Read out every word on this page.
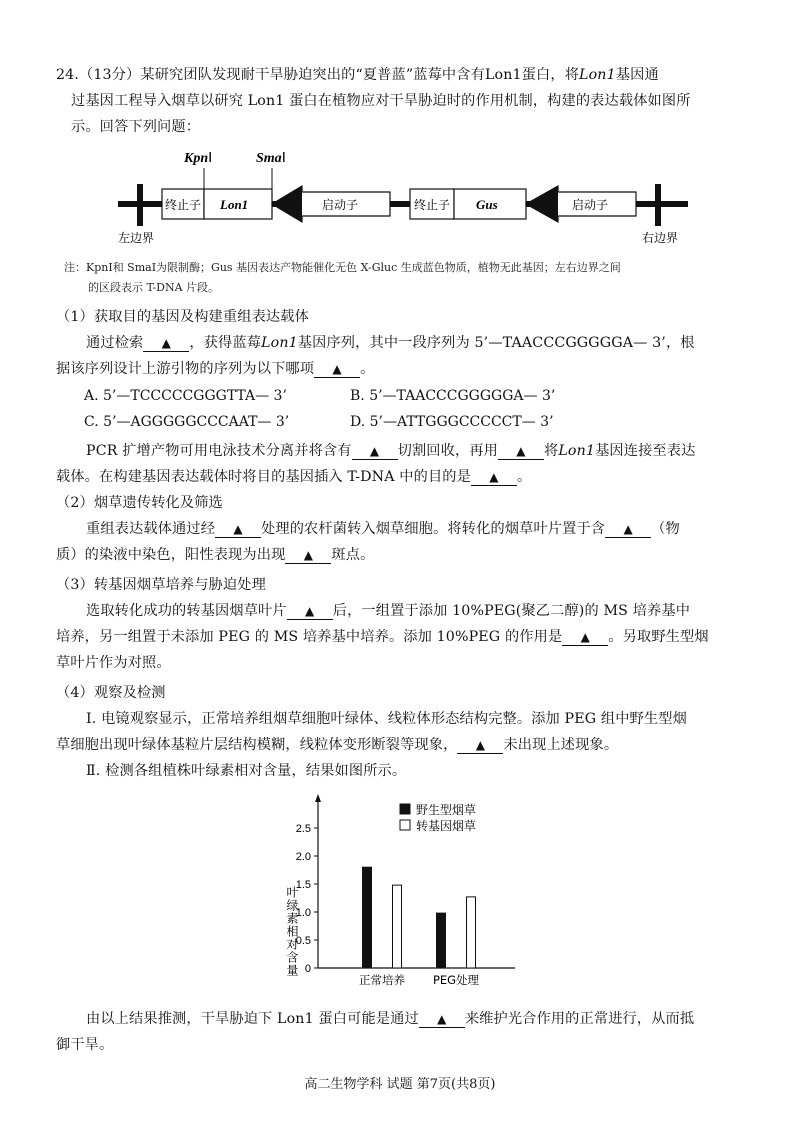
24.（13分）某研究团队发现耐干旱胁迫突出的“夏普蓝”蓝莓中含有Lon1蛋白，将Lon1基因通
过基因工程导入烟草以研究 Lon1 蛋白在植物应对干旱胁迫时的作用机制，构建的表达载体如图所
示。回答下列问题：
KpnⅠ	SmaⅠ
终止子 Lon1	启动子	终止子 Gus	启动子
左边界	右边界
注：KpnⅠ和 SmaⅠ为限制酶；Gus 基因表达产物能催化无色 X-Gluc 生成蓝色物质，植物无此基因；左右边界之间
的区段表示 T-DNA 片段。
（1）获取目的基因及构建重组表达载体
通过检索 ▲ ，获得蓝莓Lon1基因序列，其中一段序列为 5’—TAACCCGGGGGA— 3’，根
据该序列设计上游引物的序列为以下哪项 ▲ 。
A. 5’—TCCCCCGGGTTA— 3’	B. 5’—TAACCCGGGGGA— 3’
C. 5’—AGGGGGCCCAAT— 3’	D. 5’—ATTGGGCCCCCT— 3’
PCR 扩增产物可用电泳技术分离并将含有 ▲ 切割回收，再用 ▲ 将Lon1基因连接至表达
载体。在构建基因表达载体时将目的基因插入 T-DNA 中的目的是 ▲ 。
（2）烟草遗传转化及筛选
重组表达载体通过经 ▲ 处理的农杆菌转入烟草细胞。将转化的烟草叶片置于含 ▲ （物
质）的染液中染色，阳性表现为出现 ▲ 斑点。
（3）转基因烟草培养与胁迫处理
选取转化成功的转基因烟草叶片 ▲ 后，一组置于添加 10%PEG(聚乙二醇)的 MS 培养基中
培养，另一组置于未添加 PEG 的 MS 培养基中培养。添加 10%PEG 的作用是 ▲ 。另取野生型烟
草叶片作为对照。
（4）观察及检测
Ⅰ. 电镜观察显示，正常培养组烟草细胞叶绿体、线粒体形态结构完整。添加 PEG 组中野生型烟
草细胞出现叶绿体基粒片层结构模糊，线粒体变形断裂等现象， ▲ 未出现上述现象。
Ⅱ. 检测各组植株叶绿素相对含量，结果如图所示。
叶绿素相对含量 0
0.5
1.0
1.5
2.0
2.5
正常培养 PEG处理
野生型烟草
转基因烟草
由以上结果推测，干旱胁迫下 Lon1 蛋白可能是通过 ▲ 来维护光合作用的正常进行，从而抵
御干旱。
高二生物学科 试题 第7页(共8页)
